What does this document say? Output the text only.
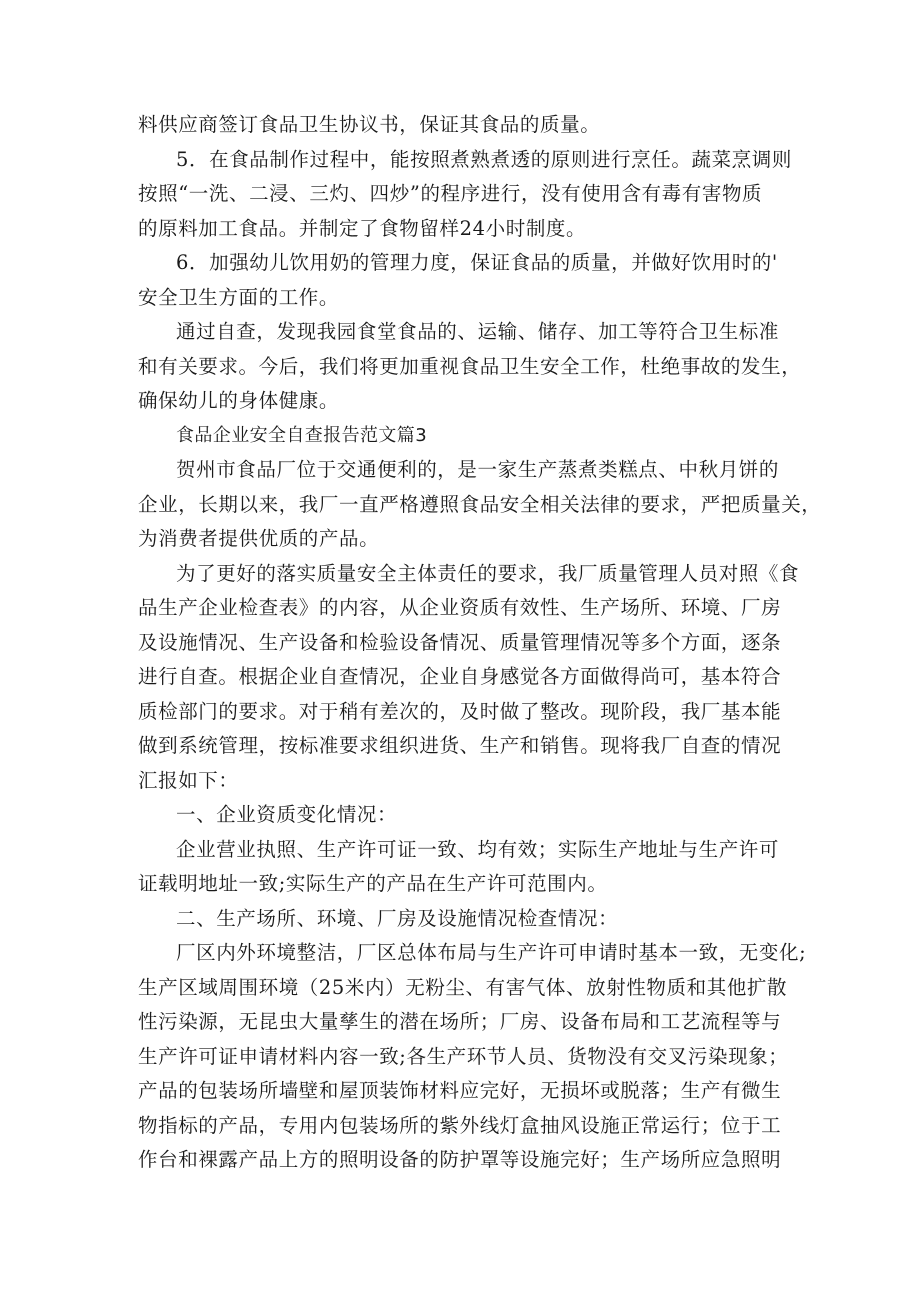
料供应商签订食品卫生协议书，保证其食品的质量。
5．在食品制作过程中，能按照煮熟煮透的原则进行烹任。蔬菜烹调则
按照“一洗、二浸、三灼、四炒”的程序进行，没有使用含有毒有害物质
的原料加工食品。并制定了食物留样24小时制度。
6．加强幼儿饮用奶的管理力度，保证食品的质量，并做好饮用时的'
安全卫生方面的工作。
通过自查，发现我园食堂食品的、运输、储存、加工等符合卫生标准
和有关要求。今后，我们将更加重视食品卫生安全工作，杜绝事故的发生，
确保幼儿的身体健康。
食品企业安全自查报告范文篇3
贺州市食品厂位于交通便利的，是一家生产蒸煮类糕点、中秋月饼的
企业，长期以来，我厂一直严格遵照食品安全相关法律的要求，严把质量关，
为消费者提供优质的产品。
为了更好的落实质量安全主体责任的要求，我厂质量管理人员对照《食
品生产企业检查表》的内容，从企业资质有效性、生产场所、环境、厂房
及设施情况、生产设备和检验设备情况、质量管理情况等多个方面，逐条
进行自查。根据企业自查情况，企业自身感觉各方面做得尚可，基本符合
质检部门的要求。对于稍有差次的，及时做了整改。现阶段，我厂基本能
做到系统管理，按标准要求组织进货、生产和销售。现将我厂自查的情况
汇报如下：
一、企业资质变化情况：
企业营业执照、生产许可证一致、均有效；实际生产地址与生产许可
证载明地址一致;实际生产的产品在生产许可范围内。
二、生产场所、环境、厂房及设施情况检查情况：
厂区内外环境整洁，厂区总体布局与生产许可申请时基本一致，无变化;
生产区域周围环境（25米内）无粉尘、有害气体、放射性物质和其他扩散
性污染源，无昆虫大量孳生的潜在场所；厂房、设备布局和工艺流程等与
生产许可证申请材料内容一致;各生产环节人员、货物没有交叉污染现象；
产品的包装场所墙壁和屋顶装饰材料应完好，无损坏或脱落；生产有微生
物指标的产品，专用内包装场所的紫外线灯盒抽风设施正常运行；位于工
作台和裸露产品上方的照明设备的防护罩等设施完好；生产场所应急照明
